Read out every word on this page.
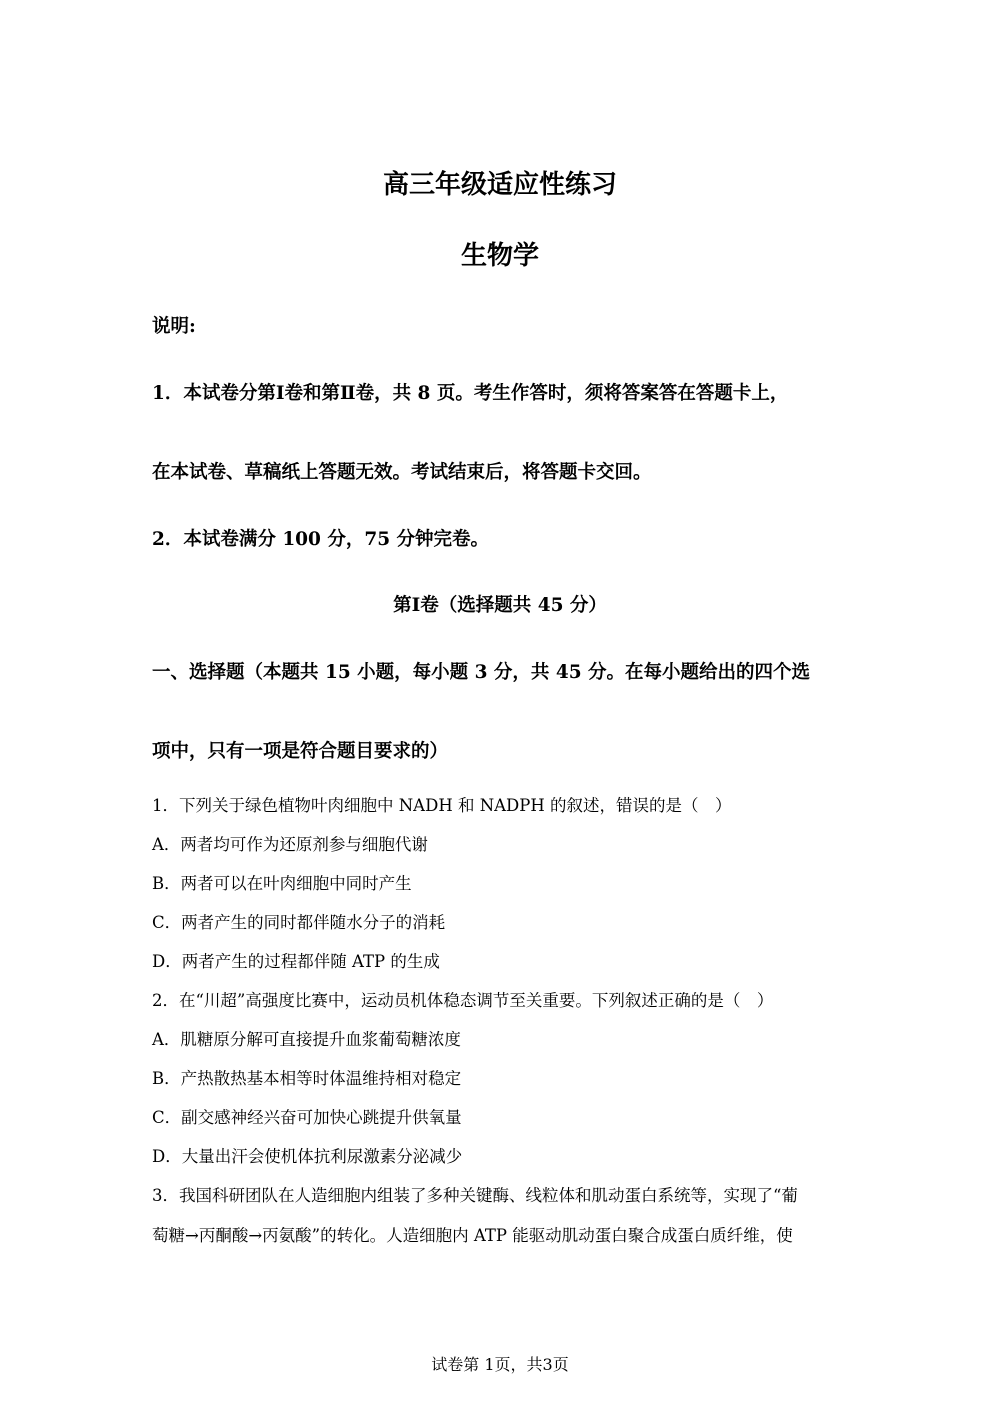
高三年级适应性练习
生物学
说明:
1．本试卷分第Ⅰ卷和第Ⅱ卷，共 8 页。考生作答时，须将答案答在答题卡上，
在本试卷、草稿纸上答题无效。考试结束后，将答题卡交回。
2．本试卷满分 100 分，75 分钟完卷。
第Ⅰ卷（选择题共 45 分）
一、选择题（本题共 15 小题，每小题 3 分，共 45 分。在每小题给出的四个选
项中，只有一项是符合题目要求的）
1．下列关于绿色植物叶肉细胞中 NADH 和 NADPH 的叙述，错误的是（　）
A．两者均可作为还原剂参与细胞代谢
B．两者可以在叶肉细胞中同时产生
C．两者产生的同时都伴随水分子的消耗
D．两者产生的过程都伴随 ATP 的生成
2．在“川超”高强度比赛中，运动员机体稳态调节至关重要。下列叙述正确的是（　）
A．肌糖原分解可直接提升血浆葡萄糖浓度
B．产热散热基本相等时体温维持相对稳定
C．副交感神经兴奋可加快心跳提升供氧量
D．大量出汗会使机体抗利尿激素分泌减少
3．我国科研团队在人造细胞内组装了多种关键酶、线粒体和肌动蛋白系统等，实现了“葡
萄糖→丙酮酸→丙氨酸”的转化。人造细胞内 ATP 能驱动肌动蛋白聚合成蛋白质纤维，使
试卷第 1页，共3页
